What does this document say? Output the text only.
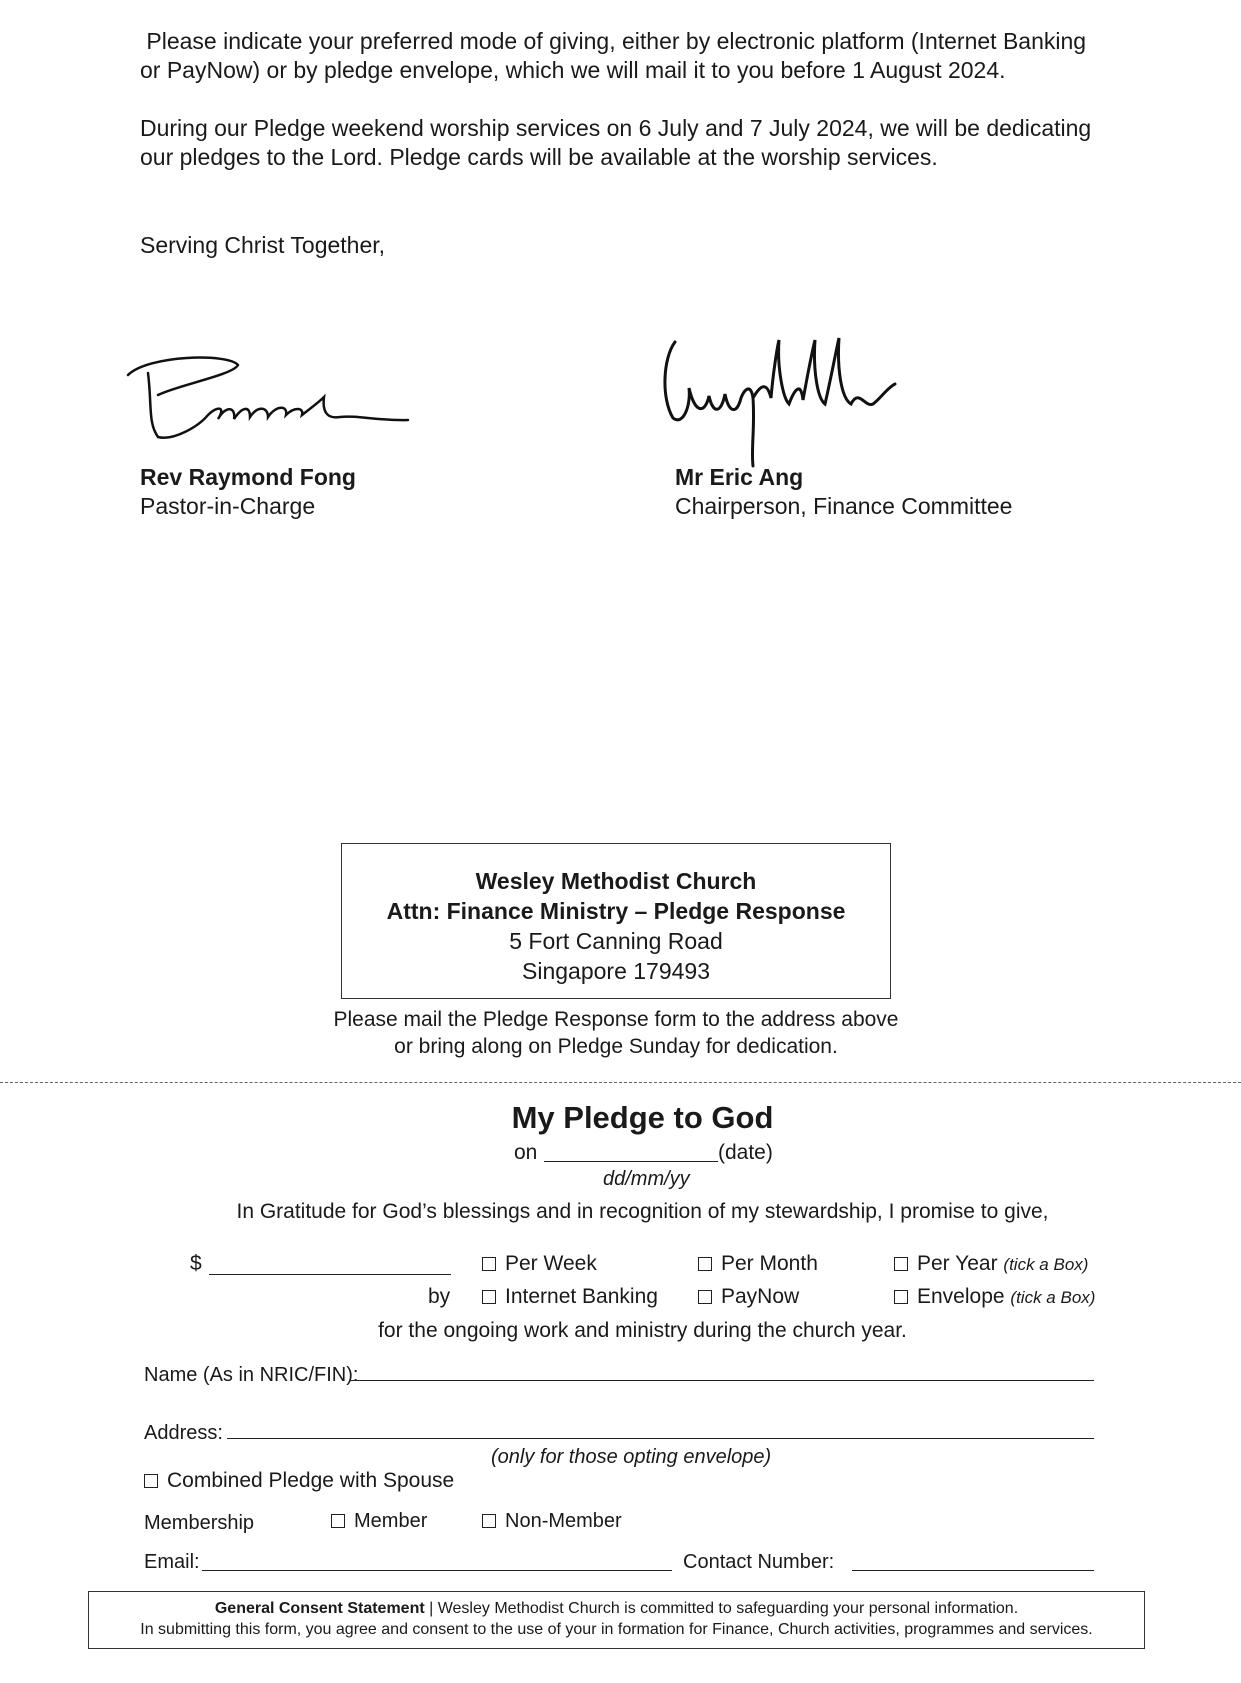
Please indicate your preferred mode of giving, either by electronic platform (Internet Banking
or PayNow) or by pledge envelope, which we will mail it to you before 1 August 2024.
During our Pledge weekend worship services on 6 July and 7 July 2024, we will be dedicating
our pledges to the Lord. Pledge cards will be available at the worship services.
Serving Christ Together,
Rev Raymond Fong
Pastor-in-Charge
Mr Eric Ang
Chairperson, Finance Committee
Wesley Methodist Church
Attn: Finance Ministry – Pledge Response
5 Fort Canning Road
Singapore 179493
Please mail the Pledge Response form to the address above
or bring along on Pledge Sunday for dedication.
My Pledge to God
on	(date)
dd/mm/yy
In Gratitude for God’s blessings and in recognition of my stewardship, I promise to give,
$	Per Week	Per Month	Per Year (tick a Box)
by	Internet Banking	PayNow	Envelope (tick a Box)
for the ongoing work and ministry during the church year.
Name (As in NRIC/FIN):
Address:
(only for those opting envelope)
Combined Pledge with Spouse
Membership	Member	Non-Member
Email:	Contact Number:
General Consent Statement | Wesley Methodist Church is committed to safeguarding your personal information.
In submitting this form, you agree and consent to the use of your in formation for Finance, Church activities, programmes and services.
